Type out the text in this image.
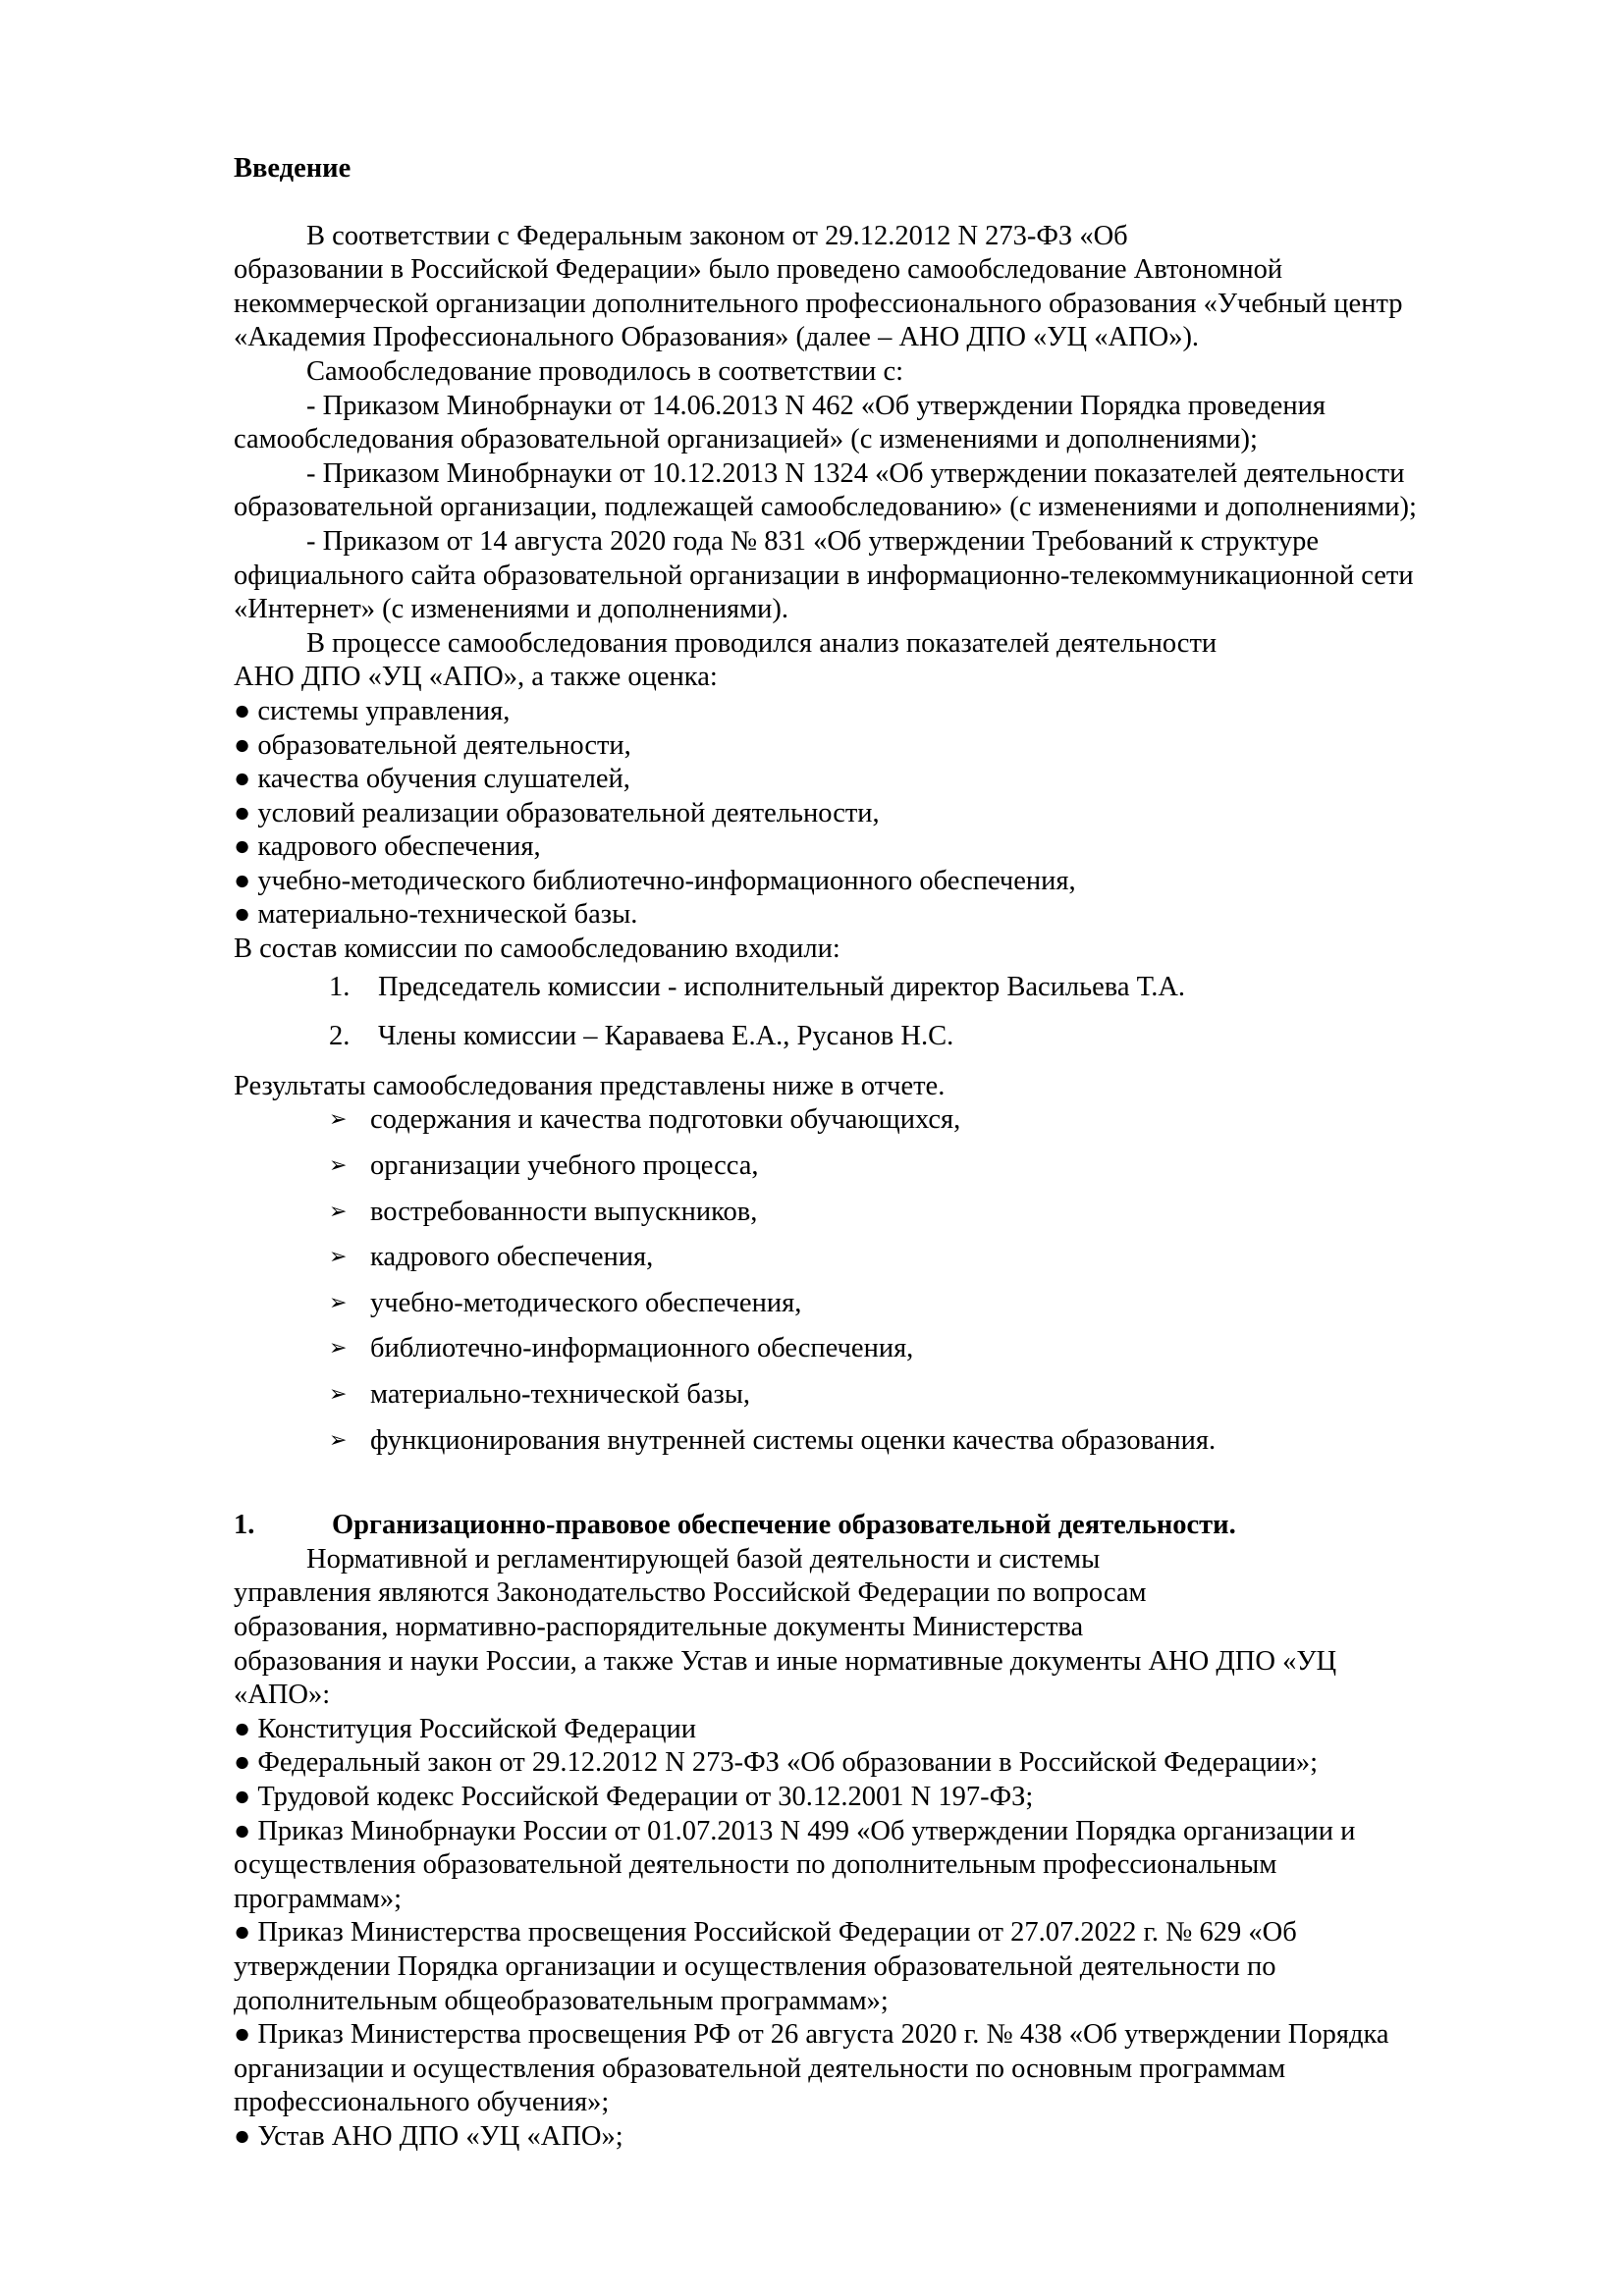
Введение
В соответствии с Федеральным законом от 29.12.2012 N 273-ФЗ «Об
образовании в Российской Федерации» было проведено самообследование Автономной
некоммерческой организации дополнительного профессионального образования «Учебный центр
«Академия Профессионального Образования» (далее – АНО ДПО «УЦ «АПО»).
Самообследование проводилось в соответствии с:
- Приказом Минобрнауки от 14.06.2013 N 462 «Об утверждении Порядка проведения
самообследования образовательной организацией» (с изменениями и дополнениями);
- Приказом Минобрнауки от 10.12.2013 N 1324 «Об утверждении показателей деятельности
образовательной организации, подлежащей самообследованию» (с изменениями и дополнениями);
- Приказом от 14 августа 2020 года № 831 «Об утверждении Требований к структуре
официального сайта образовательной организации в информационно-телекоммуникационной сети
«Интернет» (с изменениями и дополнениями).
В процессе самообследования проводился анализ показателей деятельности
АНО ДПО «УЦ «АПО», а также оценка:
● системы управления,
● образовательной деятельности,
● качества обучения слушателей,
● условий реализации образовательной деятельности,
● кадрового обеспечения,
● учебно-методического библиотечно-информационного обеспечения,
● материально-технической базы.
В состав комиссии по самообследованию входили:
1.	Председатель комиссии - исполнительный директор Васильева Т.А.
2.	Члены комиссии – Караваева Е.А., Русанов Н.С.
Результаты самообследования представлены ниже в отчете.
➢ содержания и качества подготовки обучающихся,
➢ организации учебного процесса,
➢ востребованности выпускников,
➢ кадрового обеспечения,
➢ учебно-методического обеспечения,
➢ библиотечно-информационного обеспечения,
➢ материально-технической базы,
➢ функционирования внутренней системы оценки качества образования.
1.	Организационно-правовое обеспечение образовательной деятельности.
Нормативной и регламентирующей базой деятельности и системы
управления являются Законодательство Российской Федерации по вопросам
образования, нормативно-распорядительные документы Министерства
образования и науки России, а также Устав и иные нормативные документы АНО ДПО «УЦ
«АПО»:
● Конституция Российской Федерации
● Федеральный закон от 29.12.2012 N 273-ФЗ «Об образовании в Российской Федерации»;
● Трудовой кодекс Российской Федерации от 30.12.2001 N 197-ФЗ;
● Приказ Минобрнауки России от 01.07.2013 N 499 «Об утверждении Порядка организации и
осуществления образовательной деятельности по дополнительным профессиональным
программам»;
● Приказ Министерства просвещения Российской Федерации от 27.07.2022 г. № 629 «Об
утверждении Порядка организации и осуществления образовательной деятельности по
дополнительным общеобразовательным программам»;
● Приказ Министерства просвещения РФ от 26 августа 2020 г. № 438 «Об утверждении Порядка
организации и осуществления образовательной деятельности по основным программам
профессионального обучения»;
● Устав АНО ДПО «УЦ «АПО»;
